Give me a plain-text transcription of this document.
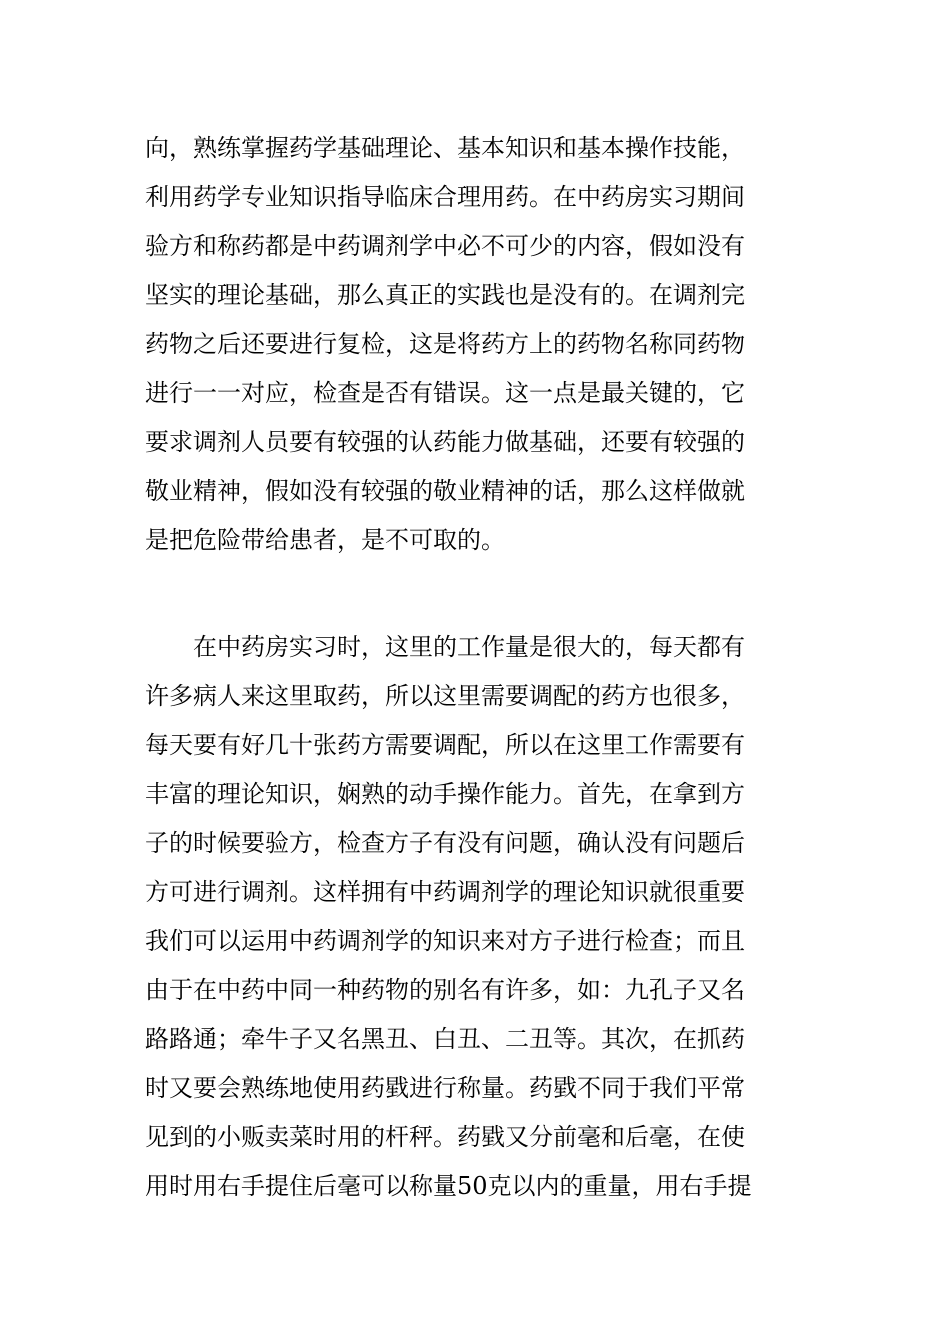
向，熟练掌握药学基础理论、基本知识和基本操作技能，
利用药学专业知识指导临床合理用药。在中药房实习期间
验方和称药都是中药调剂学中必不可少的内容，假如没有
坚实的理论基础，那么真正的实践也是没有的。在调剂完
药物之后还要进行复检，这是将药方上的药物名称同药物
进行一一对应，检查是否有错误。这一点是最关键的，它
要求调剂人员要有较强的认药能力做基础，还要有较强的
敬业精神，假如没有较强的敬业精神的话，那么这样做就
是把危险带给患者，是不可取的。
　　在中药房实习时，这里的工作量是很大的，每天都有
许多病人来这里取药，所以这里需要调配的药方也很多，
每天要有好几十张药方需要调配，所以在这里工作需要有
丰富的理论知识，娴熟的动手操作能力。首先，在拿到方
子的时候要验方，检查方子有没有问题，确认没有问题后
方可进行调剂。这样拥有中药调剂学的理论知识就很重要
我们可以运用中药调剂学的知识来对方子进行检查；而且
由于在中药中同一种药物的别名有许多，如：九孔子又名
路路通；牵牛子又名黑丑、白丑、二丑等。其次，在抓药
时又要会熟练地使用药戥进行称量。药戥不同于我们平常
见到的小贩卖菜时用的杆秤。药戥又分前毫和后毫，在使
用时用右手提住后毫可以称量50克以内的重量，用右手提
